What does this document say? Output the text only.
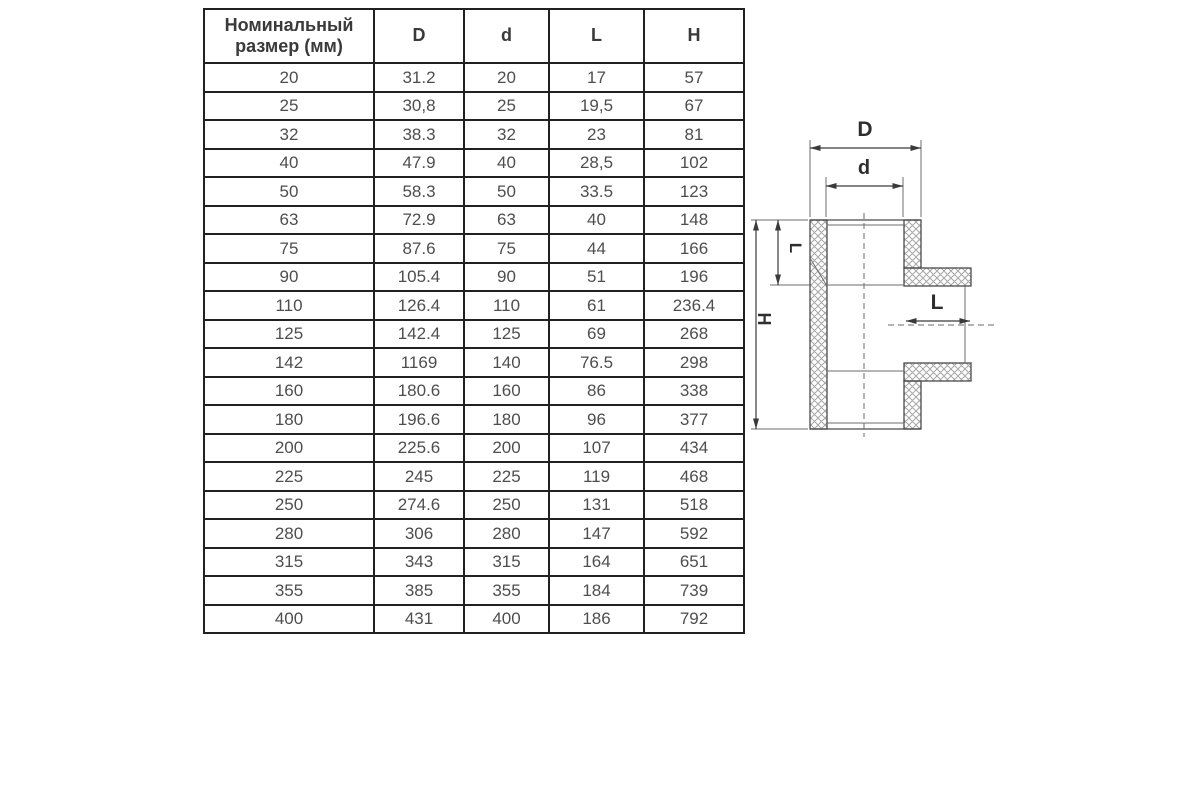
Номинальный размер (мм)	D	d	L	H
20	31.2	20	17	57
25	30,8	25	19,5	67
32	38.3	32	23	81
40	47.9	40	28,5	102
50	58.3	50	33.5	123
63	72.9	63	40	148
75	87.6	75	44	166
90	105.4	90	51	196
110	126.4	110	61	236.4
125	142.4	125	69	268
142	1169	140	76.5	298
160	180.6	160	86	338
180	196.6	180	96	377
200	225.6	200	107	434
225	245	225	119	468
250	274.6	250	131	518
280	306	280	147	592
315	343	315	164	651
355	385	355	184	739
400	431	400	186	792
D
d
L
H
L
